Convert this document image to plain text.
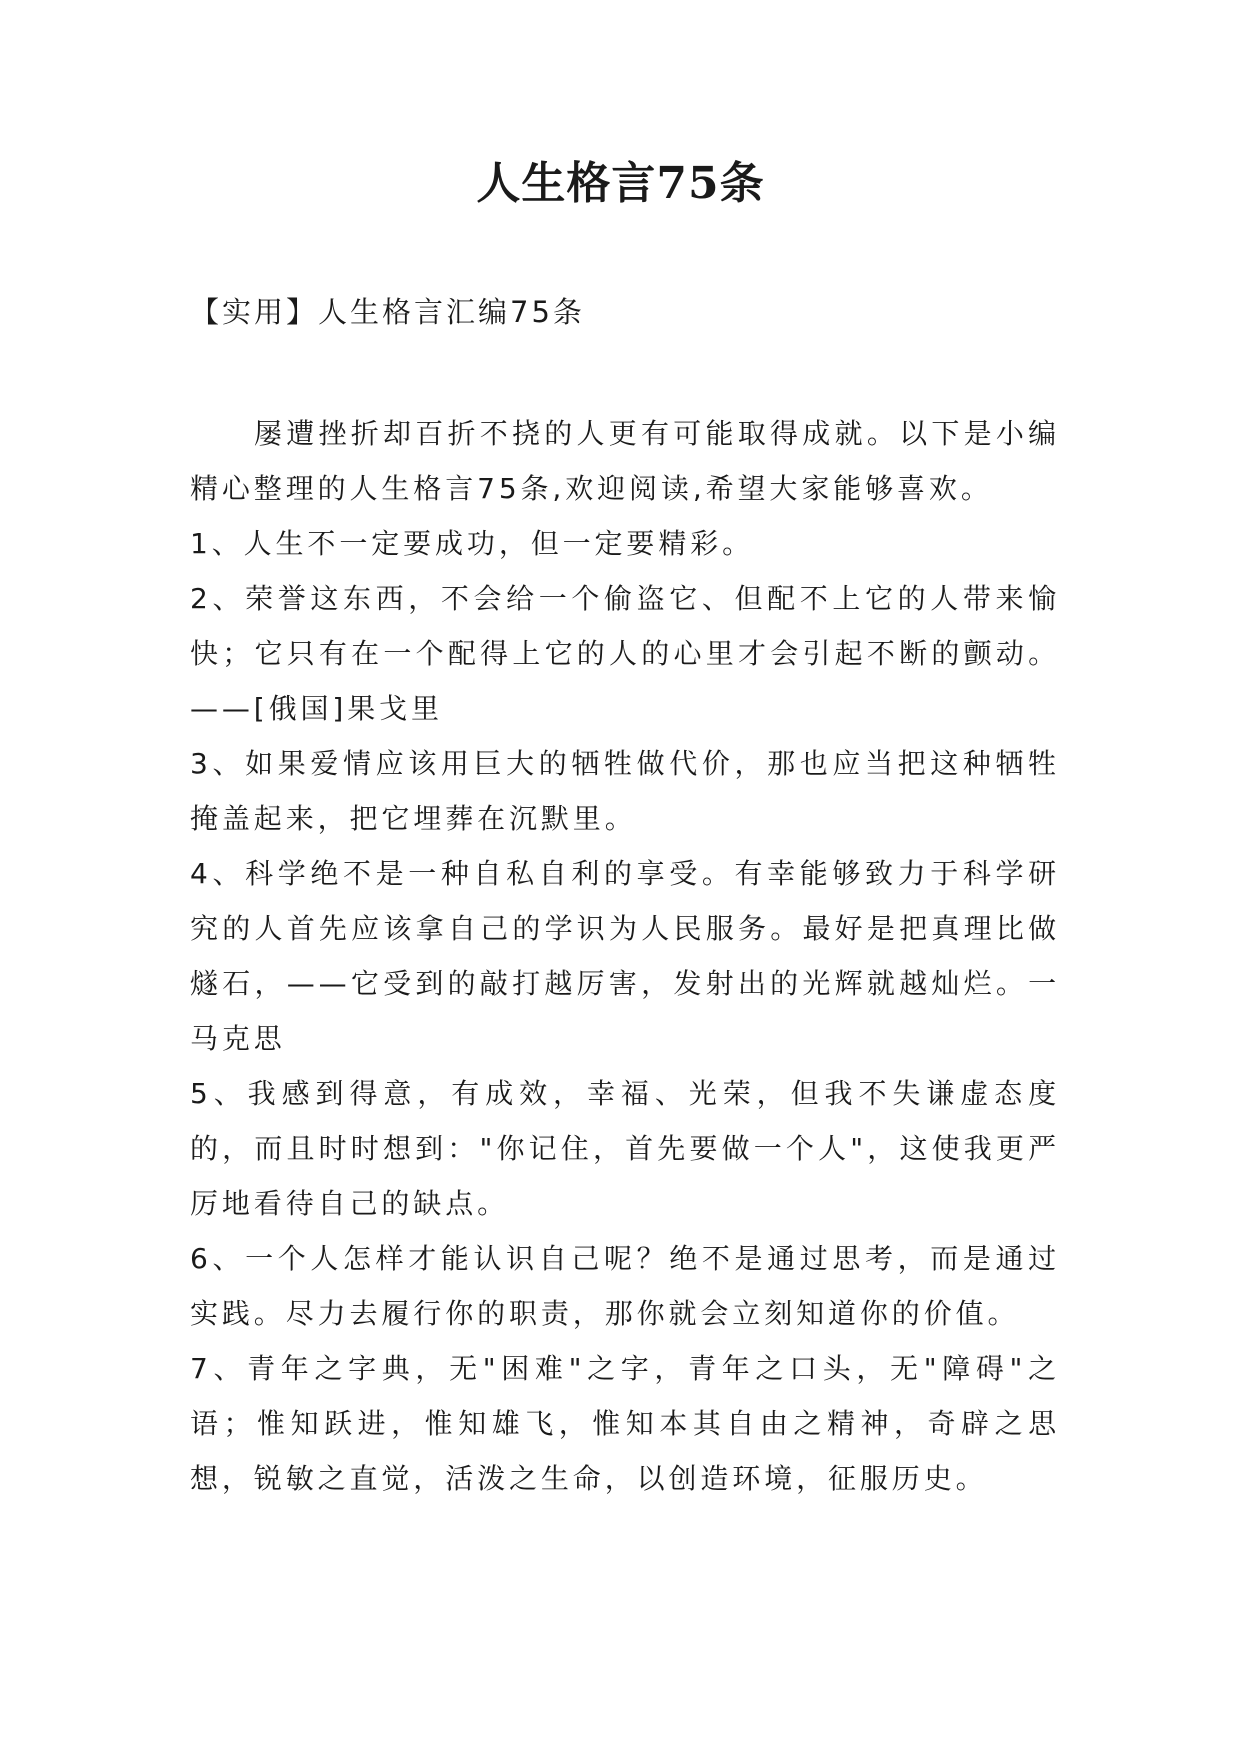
人生格言75条

【实用】人生格言汇编75条

屡遭挫折却百折不挠的人更有可能取得成就。以下是小编精心整理的人生格言75条,欢迎阅读,希望大家能够喜欢。

1、人生不一定要成功，但一定要精彩。

2、荣誉这东西，不会给一个偷盗它、但配不上它的人带来愉快；它只有在一个配得上它的人的心里才会引起不断的颤动。——[俄国]果戈里

3、如果爱情应该用巨大的牺牲做代价，那也应当把这种牺牲掩盖起来，把它埋葬在沉默里。

4、科学绝不是一种自私自利的享受。有幸能够致力于科学研究的人首先应该拿自己的学识为人民服务。最好是把真理比做燧石，——它受到的敲打越厉害，发射出的光辉就越灿烂。一马克思

5、我感到得意，有成效，幸福、光荣，但我不失谦虚态度的，而且时时想到："你记住，首先要做一个人"，这使我更严厉地看待自己的缺点。

6、一个人怎样才能认识自己呢？绝不是通过思考，而是通过实践。尽力去履行你的职责，那你就会立刻知道你的价值。

7、青年之字典，无"困难"之字，青年之口头，无"障碍"之语；惟知跃进，惟知雄飞，惟知本其自由之精神，奇辟之思想，锐敏之直觉，活泼之生命，以创造环境，征服历史。
